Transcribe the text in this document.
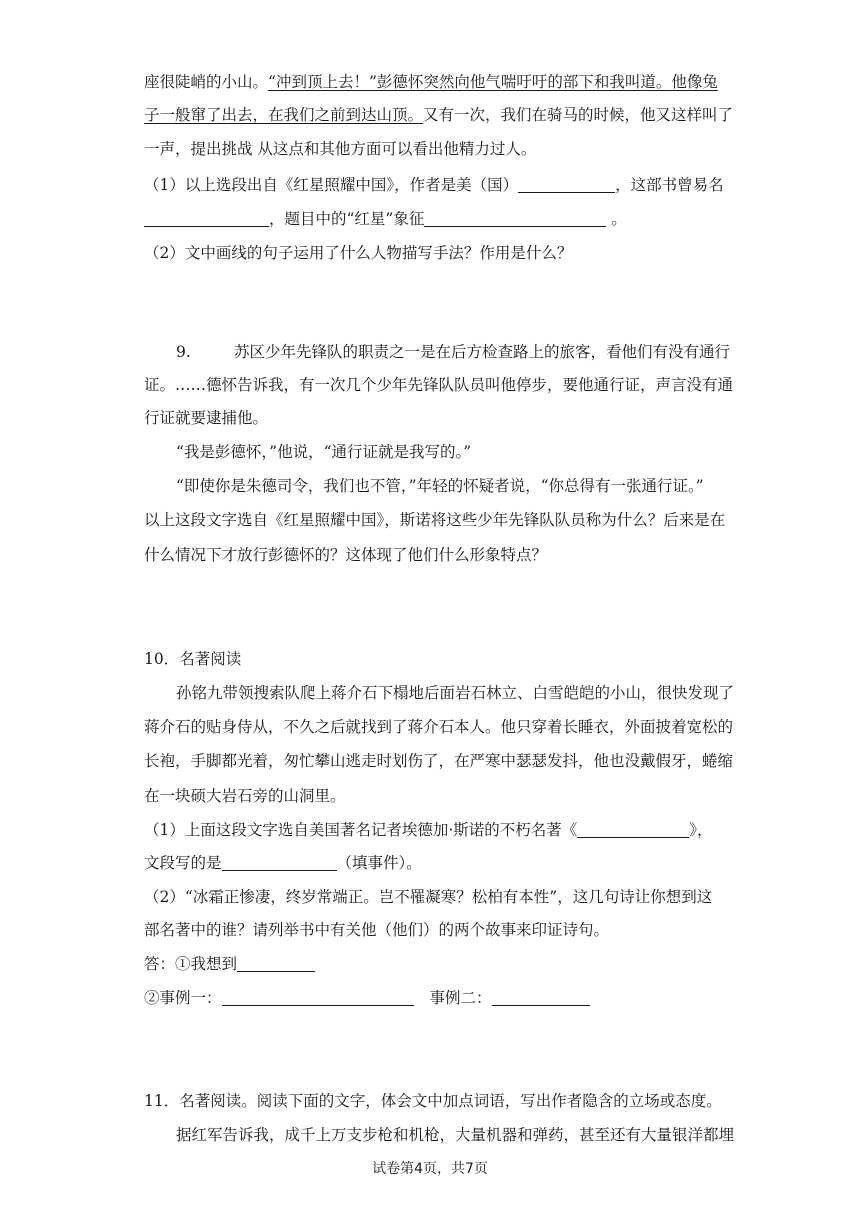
座很陡峭的小山。“冲到顶上去！”彭德怀突然向他气喘吁吁的部下和我叫道。他像兔
子一般窜了出去，在我们之前到达山顶。又有一次，我们在骑马的时候，他又这样叫了
一声，提出挑战 从这点和其他方面可以看出他精力过人。
（1）以上选段出自《红星照耀中国》，作者是美（国）	，这部书曾易名
，题目中的“红星”象征	。
（2）文中画线的句子运用了什么人物描写手法？作用是什么？
9.	苏区少年先锋队的职责之一是在后方检查路上的旅客，看他们有没有通行
证。……德怀告诉我，有一次几个少年先锋队队员叫他停步，要他通行证，声言没有通
行证就要逮捕他。
“我是彭德怀，”他说，“通行证就是我写的。”
“即使你是朱德司令，我们也不管，”年轻的怀疑者说，“你总得有一张通行证。”
以上这段文字选自《红星照耀中国》，斯诺将这些少年先锋队队员称为什么？后来是在
什么情况下才放行彭德怀的？这体现了他们什么形象特点？
10．名著阅读
孙铭九带领搜索队爬上蒋介石下榻地后面岩石林立、白雪皑皑的小山，很快发现了
蒋介石的贴身侍从，不久之后就找到了蒋介石本人。他只穿着长睡衣，外面披着宽松的
长袍，手脚都光着，匆忙攀山逃走时划伤了，在严寒中瑟瑟发抖，他也没戴假牙，蜷缩
在一块硕大岩石旁的山洞里。
（1）上面这段文字选自美国著名记者埃德加·斯诺的不朽名著《	》，
文段写的是	（填事件）。
（2）“冰霜正惨凄，终岁常端正。岂不罹凝寒？松柏有本性”，这几句诗让你想到这
部名著中的谁？请列举书中有关他（他们）的两个故事来印证诗句。
答：①我想到
②事例一：	事例二：
11．名著阅读。阅读下面的文字，体会文中加点词语，写出作者隐含的立场或态度。
据红军告诉我，成千上万支步枪和机枪，大量机器和弹药，甚至还有大量银洋都埋
试卷第4页，共7页
